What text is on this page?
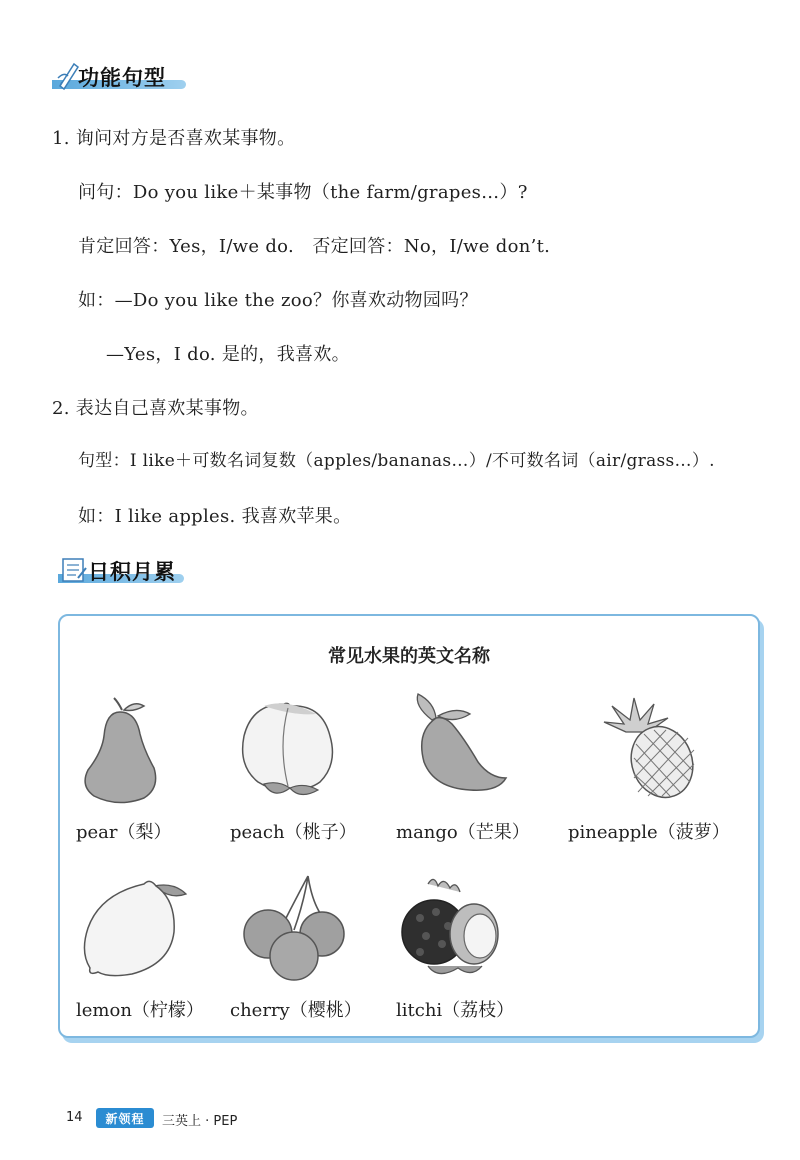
功能句型
1. 询问对方是否喜欢某事物。
问句：Do you like＋某事物（the farm/grapes…）?
肯定回答：Yes，I/we do.　否定回答：No，I/we don’t.
如：—Do you like the zoo？你喜欢动物园吗？
—Yes，I do. 是的，我喜欢。
2. 表达自己喜欢某事物。
句型：I like＋可数名词复数（apples/bananas…）/不可数名词（air/grass…）.
如：I like apples. 我喜欢苹果。
日积月累
常见水果的英文名称
pear（梨）	peach（桃子） mango（芒果） pineapple（菠萝）
lemon（柠檬） cherry（樱桃） litchi（荔枝）
14	新领程	三英上 · PEP
